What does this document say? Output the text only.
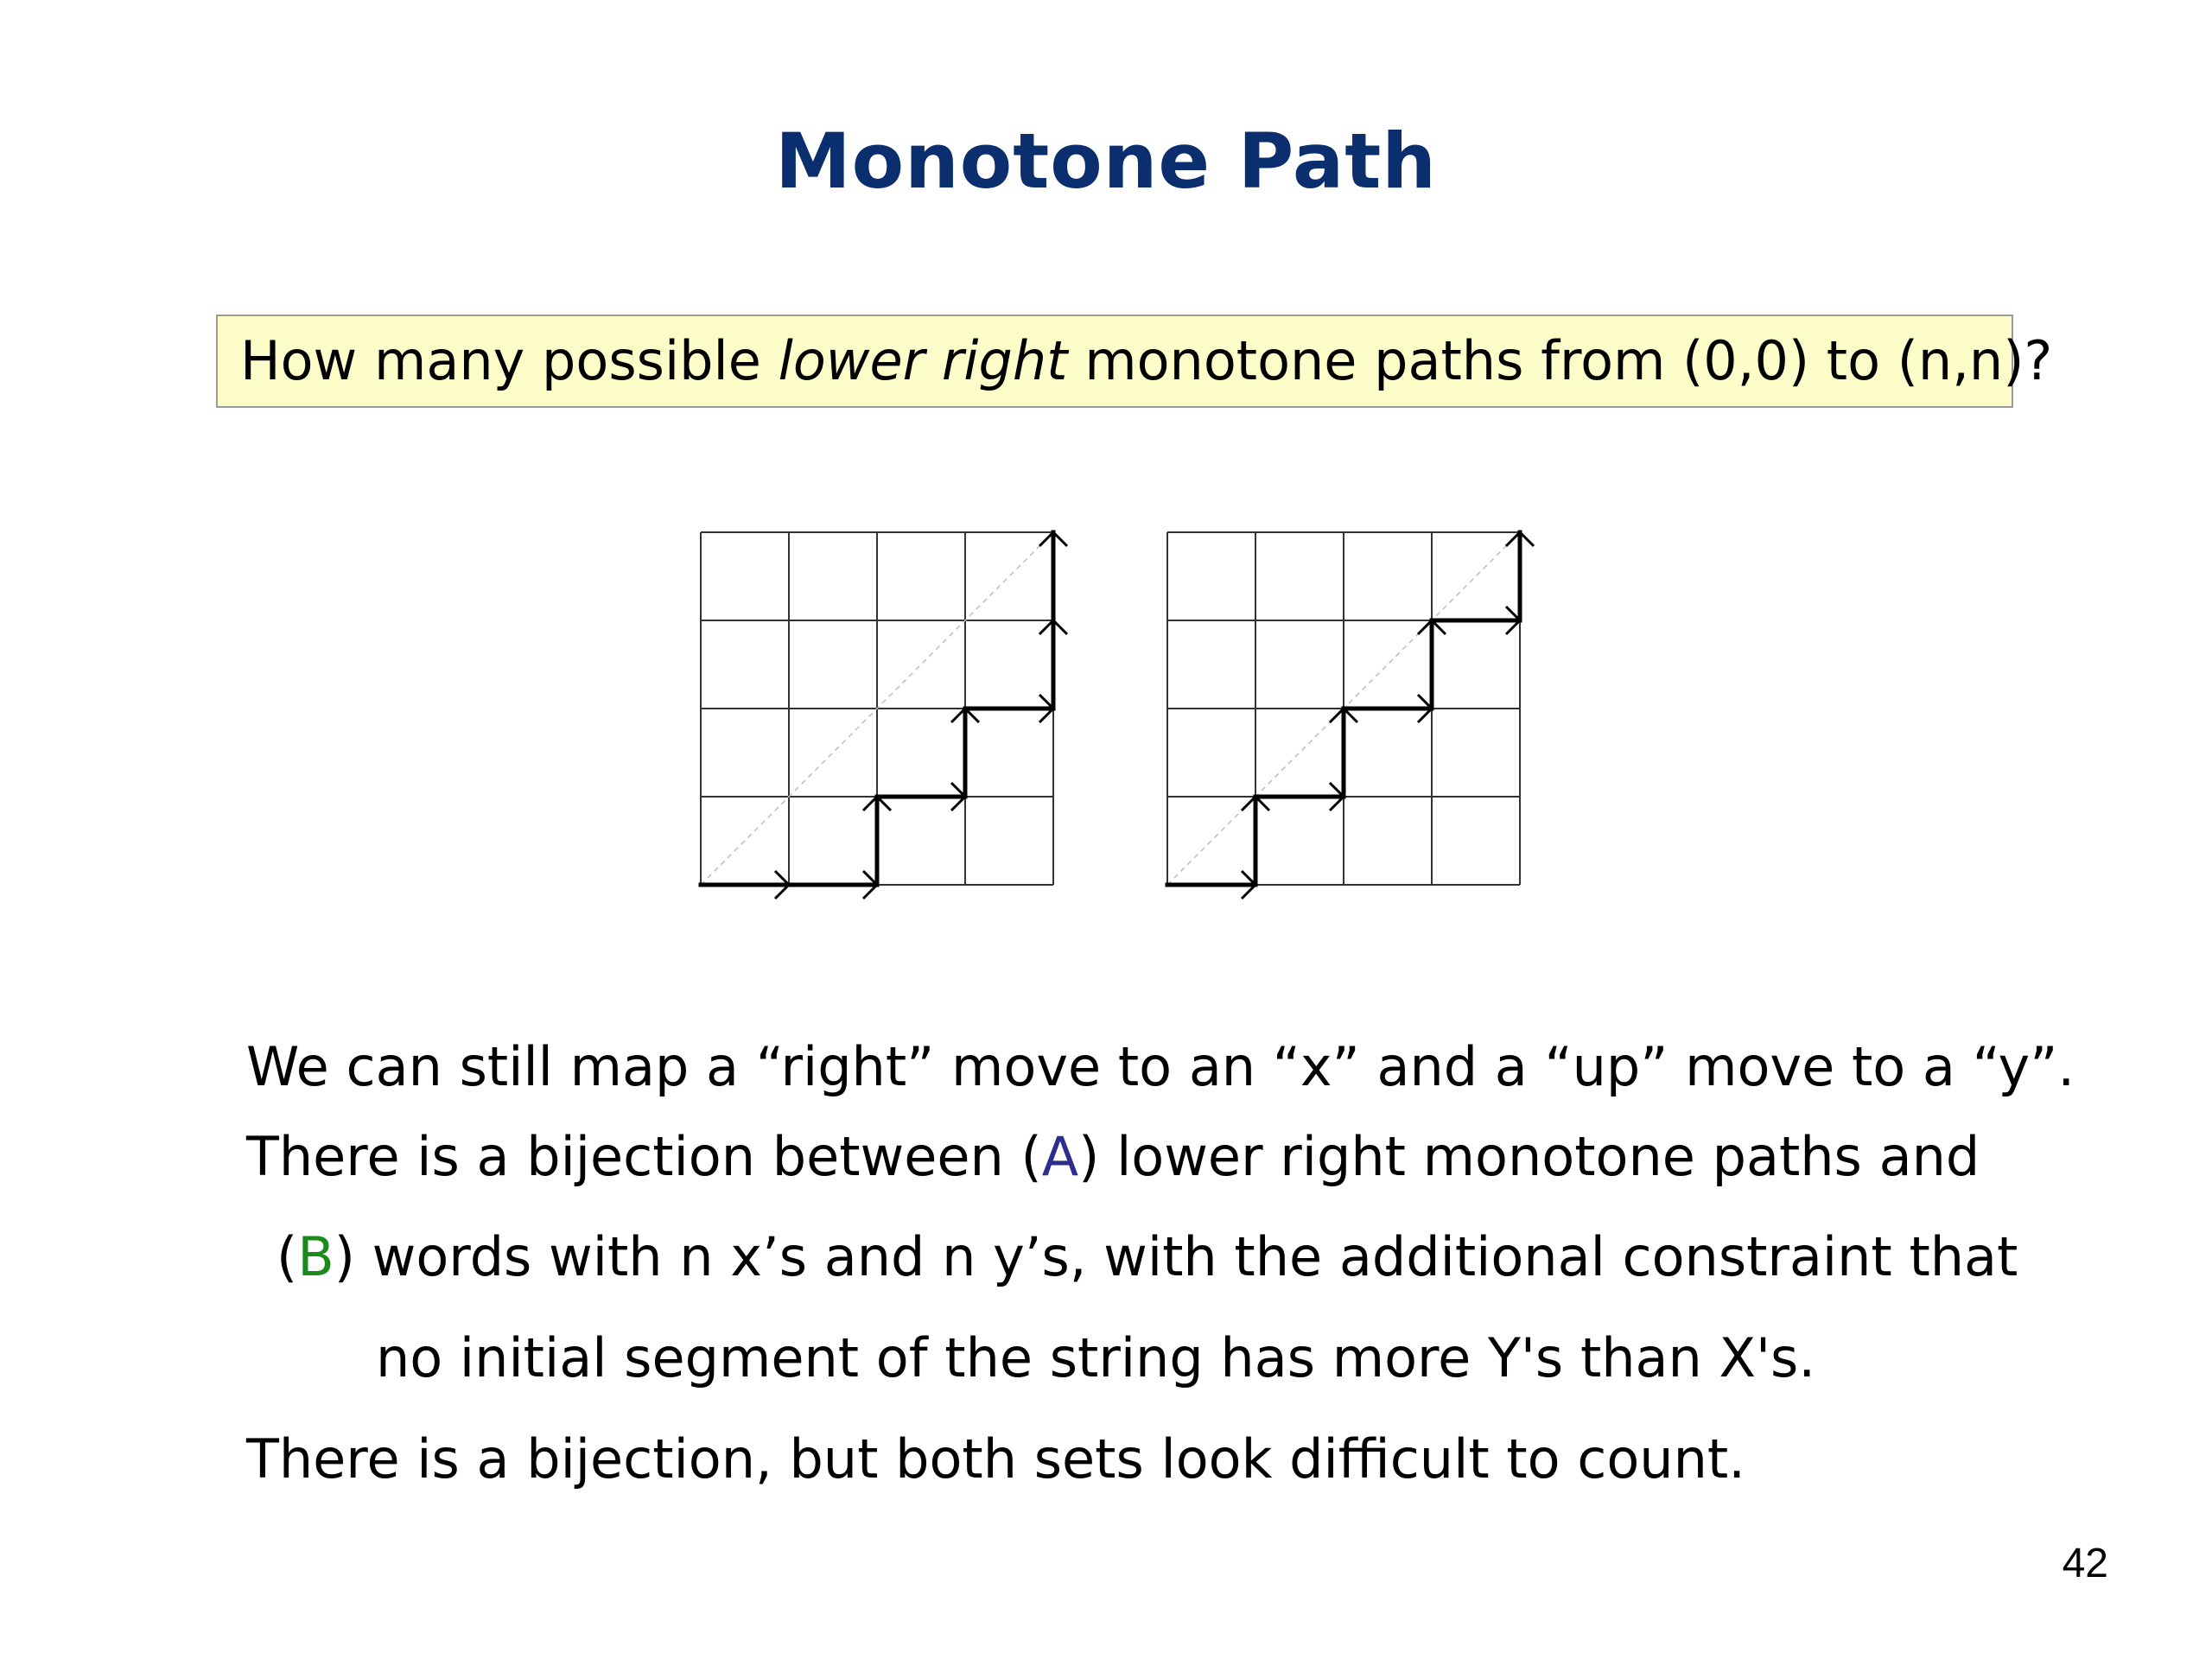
Monotone Path
How many possible lower right monotone paths from (0,0) to (n,n)?
We can still map a “right” move to an “x” and a “up” move to a “y”.
There is a bijection between (A) lower right monotone paths and
(B) words with n x’s and n y’s, with the additional constraint that
no initial segment of the string has more Y's than X's.
There is a bijection, but both sets look difficult to count.
42
